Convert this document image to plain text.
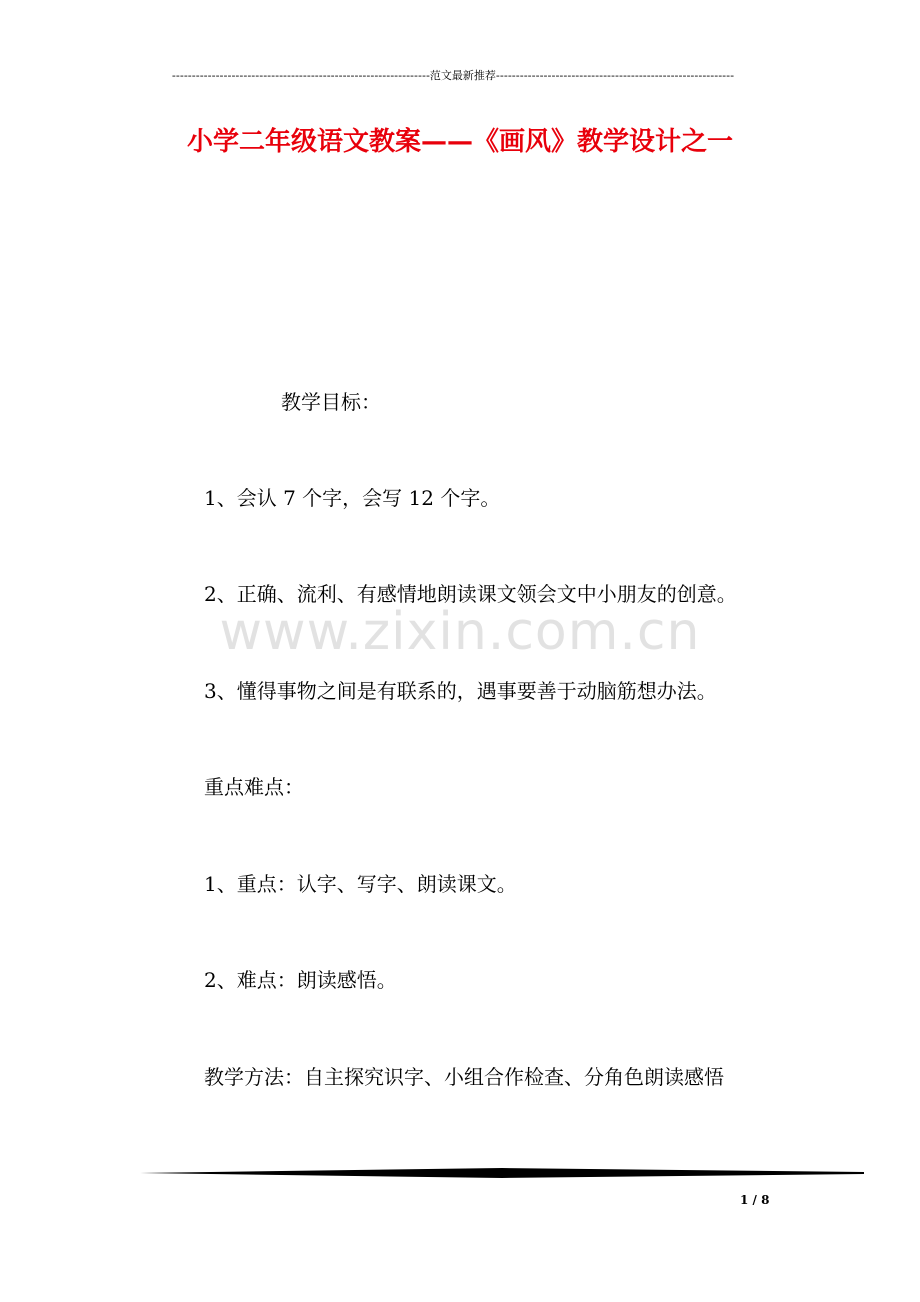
-----------------------------------------------------------------范文最新推荐------------------------------------------------------------
小学二年级语文教案——《画风》教学设计之一
教学目标：
1、会认 7 个字，会写 12 个字。
2、正确、流利、有感情地朗读课文领会文中小朋友的创意。
www.zixin.com.cn
3、懂得事物之间是有联系的，遇事要善于动脑筋想办法。
重点难点：
1、重点：认字、写字、朗读课文。
2、难点：朗读感悟。
教学方法：自主探究识字、小组合作检查、分角色朗读感悟
1 / 8
